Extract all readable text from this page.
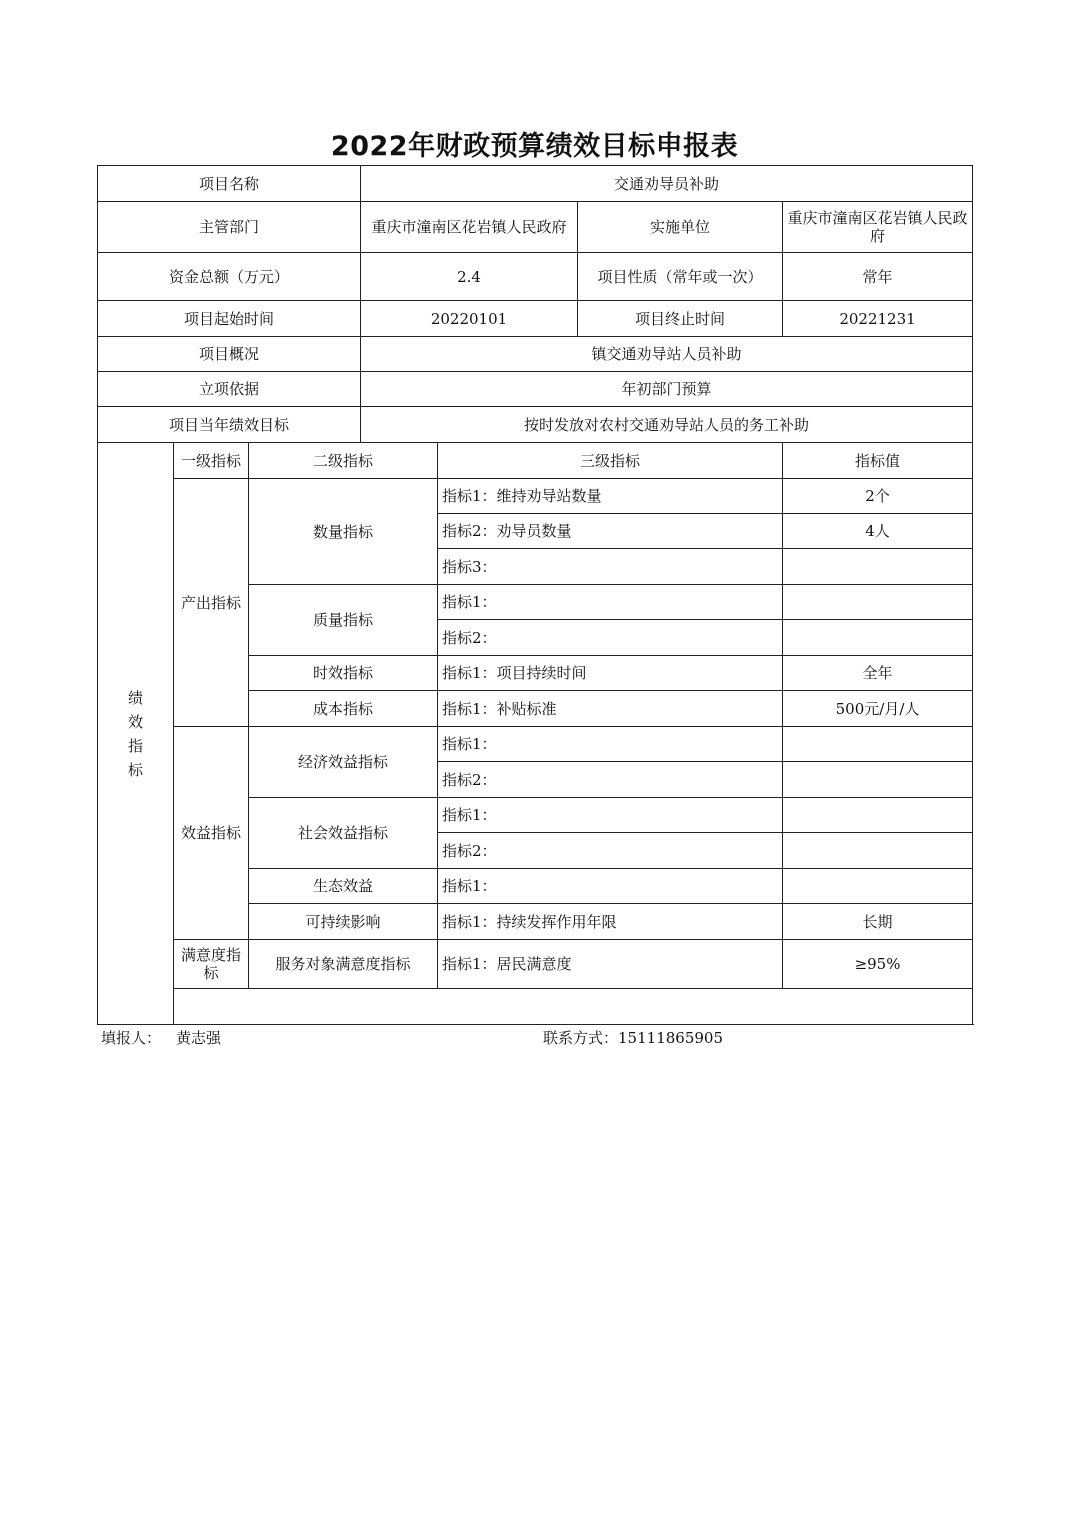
2022年财政预算绩效目标申报表
项目名称			交通劝导员补助			
主管部门			重庆市潼南区花岩镇人民政府		实施单位	重庆市潼南区花岩镇人民政府
资金总额（万元）			2.4		项目性质（常年或一次）	常年
项目起始时间			20220101		项目终止时间	20221231
项目概况			镇交通劝导站人员补助			
立项依据			年初部门预算			
项目当年绩效目标			按时发放对农村交通劝导站人员的务工补助			
绩
效
指
标	一级指标	二级指标		三级指标		指标值
	产出指标	数量指标		指标1：维持劝导站数量		2个
				指标2：劝导员数量		4人
				指标3：		
		质量指标		指标1：		
				指标2：		
		时效指标		指标1：项目持续时间		全年
		成本指标		指标1：补贴标准		500元/月/人
	效益指标	经济效益指标		指标1：		
				指标2：		
		社会效益指标		指标1：		
				指标2：		
		生态效益		指标1：		
		可持续影响		指标1：持续发挥作用年限		长期
	满意度指标	服务对象满意度指标		指标1：居民满意度		≥95%

填报人： 黄志强	联系方式：15111865905
